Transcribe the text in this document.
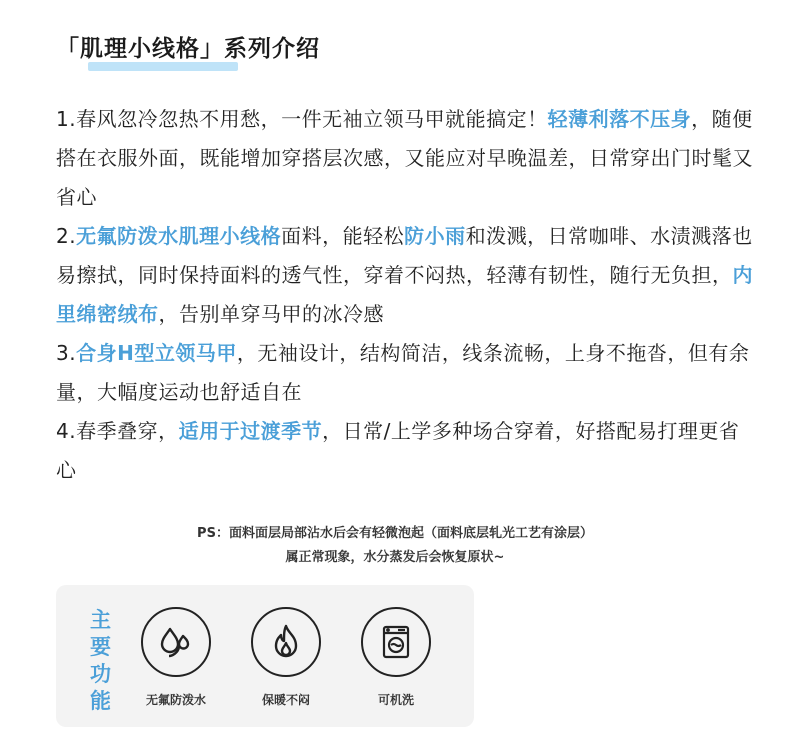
「肌理小线格」系列介绍
1.春风忽冷忽热不用愁，一件无袖立领马甲就能搞定！轻薄利落不压身，随便搭在衣服外面，既能增加穿搭层次感，又能应对早晚温差，日常穿出门时髦又省心
2.无氟防泼水肌理小线格面料，能轻松防小雨和泼溅，日常咖啡、水渍溅落也易擦拭，同时保持面料的透气性，穿着不闷热，轻薄有韧性，随行无负担，内里绵密绒布，告别单穿马甲的冰冷感
3.合身H型立领马甲，无袖设计，结构简洁，线条流畅，上身不拖沓，但有余量，大幅度运动也舒适自在
4.春季叠穿，适用于过渡季节，日常/上学多种场合穿着，好搭配易打理更省心
PS：面料面层局部沾水后会有轻微泡起（面料底层轧光工艺有涂层）
属正常现象，水分蒸发后会恢复原状~
主要功能	无氟防泼水	保暖不闷	可机洗
